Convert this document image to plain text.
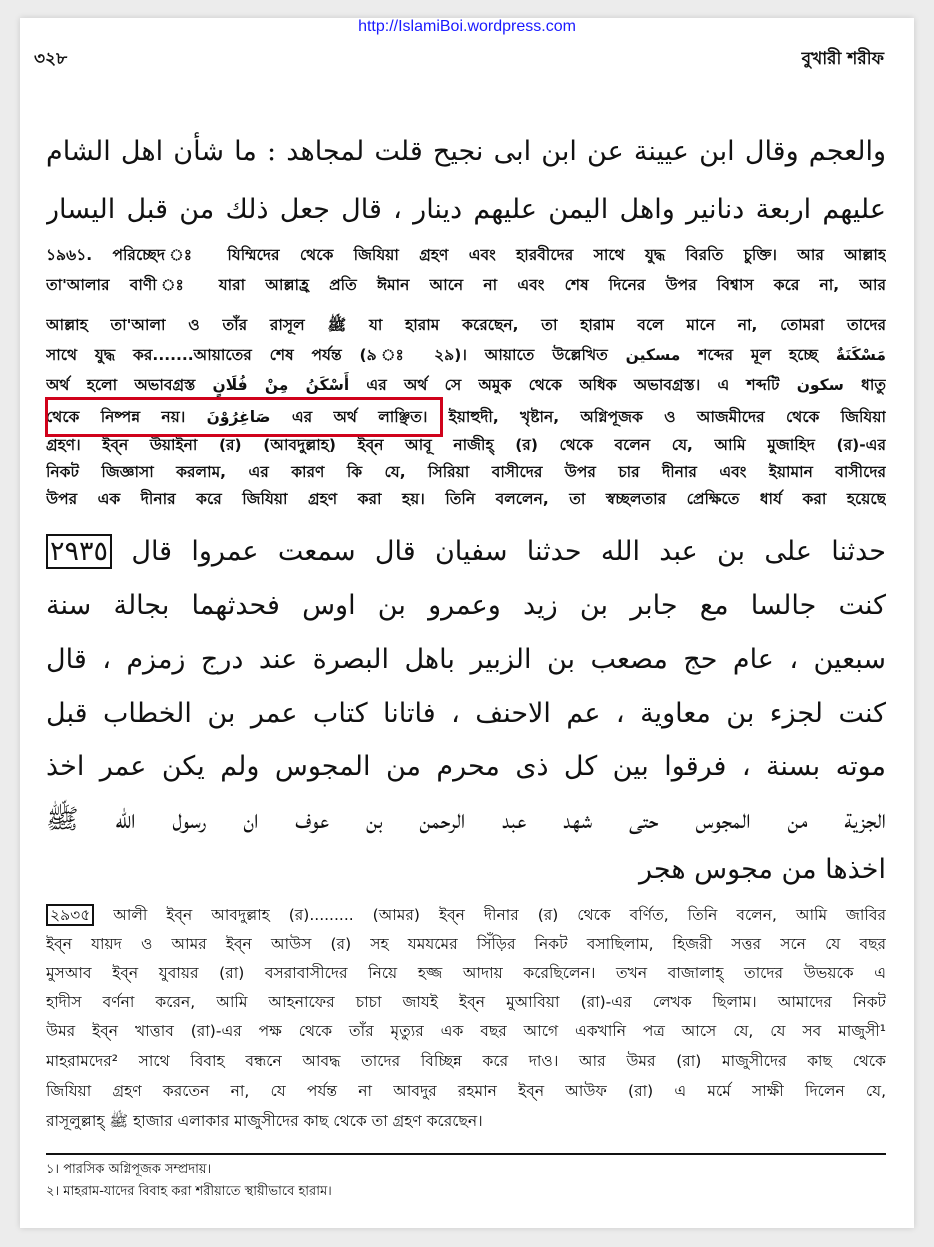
http://IslamiBoi.wordpress.com
৩২৮	বুখারী শরীফ
والعجم وقال ابن عيينة عن ابن ابى نجيح قلت لمجاهد : ما شأن اهل الشام
عليهم اربعة دنانير واهل اليمن عليهم دينار ، قال جعل ذلك من قبل اليسار
১৯৬১. পরিচ্ছেদ ঃ যিম্মিদের থেকে জিযিয়া গ্রহণ এবং হারবীদের সাথে যুদ্ধ বিরতি চুক্তি। আর আল্লাহ
তা'আলার বাণী ঃ যারা আল্লাহ্র প্রতি ঈমান আনে না এবং শেষ দিনের উপর বিশ্বাস করে না, আর
আল্লাহ তা'আলা ও তাঁর রাসূল ﷺ যা হারাম করেছেন, তা হারাম বলে মানে না, তোমরা তাদের
সাথে যুদ্ধ কর.......আয়াতের শেষ পর্যন্ত (৯ ঃ ২৯)। আয়াতে উল্লেখিত مسكين শব্দের মূল হচ্ছে مَسْكَنَةٌ
অর্থ হলো অভাবগ্রস্ত أَسْكَنُ مِنْ فُلَانٍ এর অর্থ সে অমুক থেকে অধিক অভাবগ্রস্ত। এ শব্দটি سكون ধাতু
থেকে নিষ্পন্ন নয়। صَاغِرُوْنَ এর অর্থ লাঞ্ছিত। ইয়াহুদী, খৃষ্টান, অগ্নিপূজক ও আজমীদের থেকে জিযিয়া
গ্রহণ। ইব্ন উয়াইনা (র) (আবদুল্লাহ) ইব্ন আবূ নাজীহ্ (র) থেকে বলেন যে, আমি মুজাহিদ (র)-এর
নিকট জিজ্ঞাসা করলাম, এর কারণ কি যে, সিরিয়া বাসীদের উপর চার দীনার এবং ইয়ামান বাসীদের
উপর এক দীনার করে জিযিয়া গ্রহণ করা হয়। তিনি বললেন, তা স্বচ্ছলতার প্রেক্ষিতে ধার্য করা হয়েছে
حدثنا على بن عبد الله حدثنا سفيان قال سمعت عمروا قال ٢٩٣٥
كنت جالسا مع جابر بن زيد وعمرو بن اوس فحدثهما بجالة سنة
سبعين ، عام حج مصعب بن الزبير باهل البصرة عند درج زمزم ، قال
كنت لجزء بن معاوية ، عم الاحنف ، فاتانا كتاب عمر بن الخطاب قبل
موته بسنة ، فرقوا بين كل ذى محرم من المجوس ولم يكن عمر اخذ
الجزية من المجوس حتى شهد عبد الرحمن بن عوف ان رسول الله ﷺ
اخذها من مجوس هجر
২৯৩৫ আলী ইব্ন আবদুল্লাহ (র)......... (আমর) ইব্ন দীনার (র) থেকে বর্ণিত, তিনি বলেন, আমি জাবির
ইব্ন যায়দ ও আমর ইব্ন আউস (র) সহ যমযমের সিঁড়ির নিকট বসাছিলাম, হিজরী সত্তর সনে যে বছর
মুসআব ইব্ন যুবায়র (রা) বসরাবাসীদের নিয়ে হজ্জ আদায় করেছিলেন। তখন বাজালাহ্ তাদের উভয়কে এ
হাদীস বর্ণনা করেন, আমি আহনাফের চাচা জাযই ইব্ন মুআবিয়া (রা)-এর লেখক ছিলাম। আমাদের নিকট
উমর ইব্ন খাত্তাব (রা)-এর পক্ষ থেকে তাঁর মৃত্যুর এক বছর আগে একখানি পত্র আসে যে, যে সব মাজুসী¹
মাহরামদের² সাথে বিবাহ বন্ধনে আবদ্ধ তাদের বিচ্ছিন্ন করে দাও। আর উমর (রা) মাজুসীদের কাছ থেকে
জিযিয়া গ্রহণ করতেন না, যে পর্যন্ত না আবদুর রহমান ইব্ন আউফ (রা) এ মর্মে সাক্ষী দিলেন যে,
রাসূলুল্লাহ্ ﷺ হাজার এলাকার মাজুসীদের কাছ থেকে তা গ্রহণ করেছেন।
১। পারসিক অগ্নিপূজক সম্প্রদায়।
২। মাহরাম-যাদের বিবাহ করা শরীয়াতে স্থায়ীভাবে হারাম।
